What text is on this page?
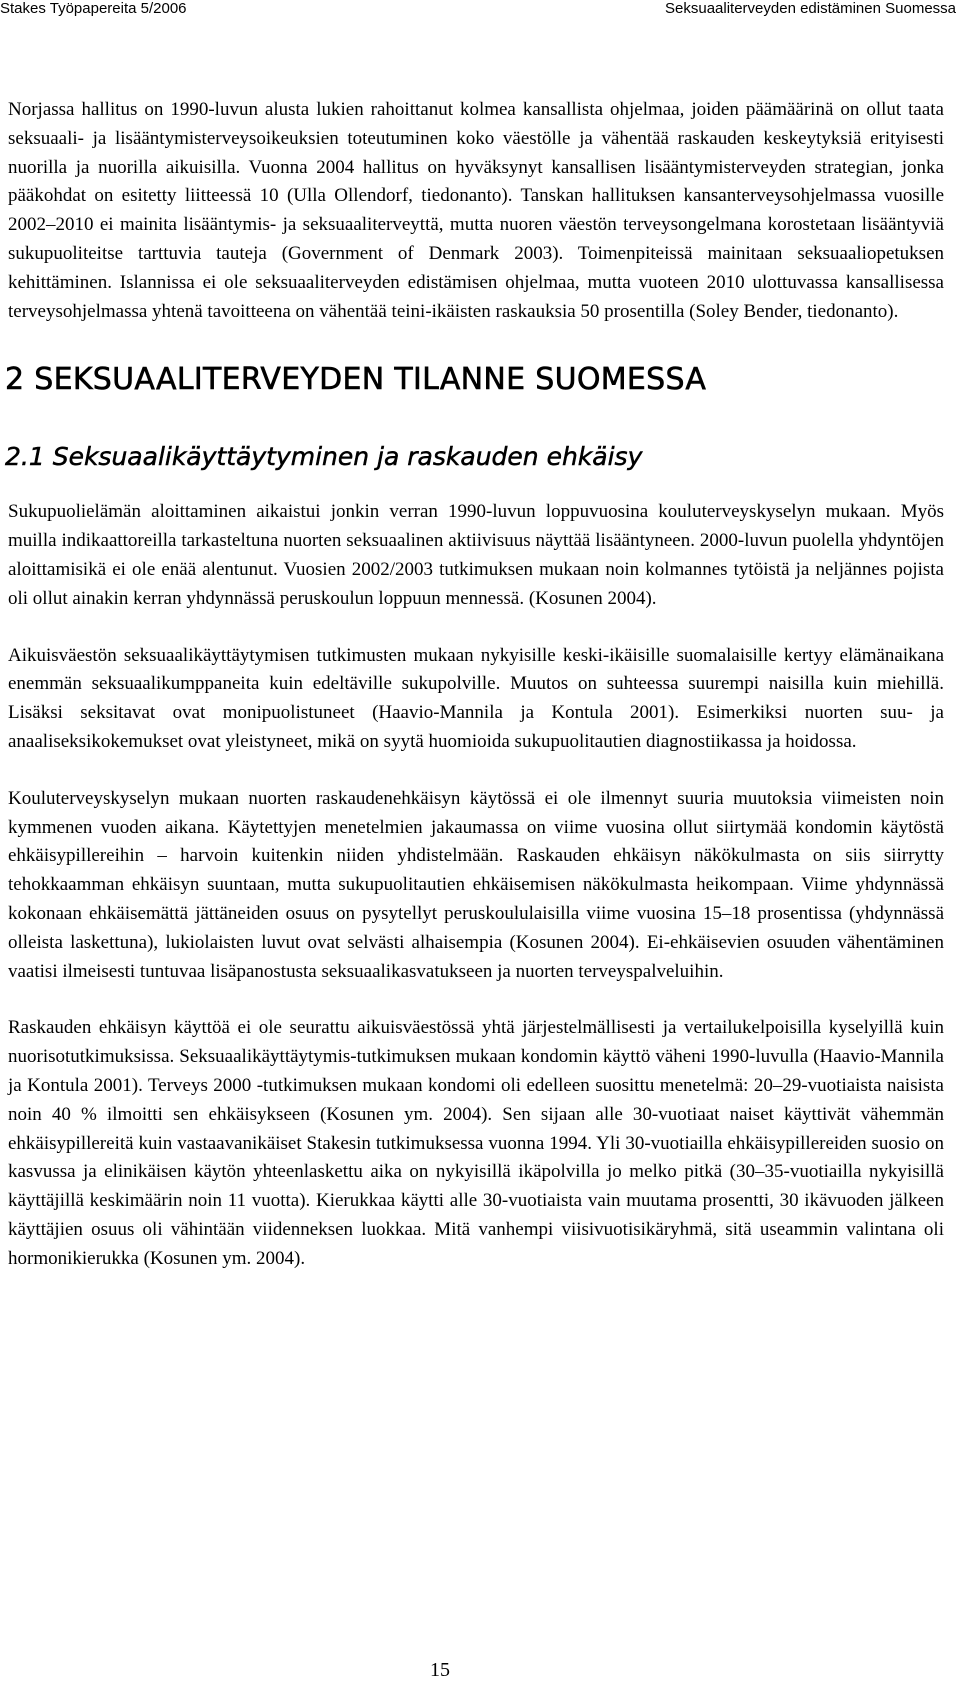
Stakes Työpapereita 5/2006	Seksuaaliterveyden edistäminen Suomessa

Norjassa hallitus on 1990-luvun alusta lukien rahoittanut kolmea kansallista ohjelmaa, joiden päämäärinä on ollut taata seksuaali- ja lisääntymisterveysoikeuksien toteutuminen koko väestölle ja vähentää raskauden keskeytyksiä erityisesti nuorilla ja nuorilla aikuisilla. Vuonna 2004 hallitus on hyväksynyt kansallisen lisääntymisterveyden strategian, jonka pääkohdat on esitetty liitteessä 10 (Ulla Ollendorf, tiedonanto). Tanskan hallituksen kansanterveysohjelmassa vuosille 2002–2010 ei mainita lisääntymis- ja seksuaaliterveyttä, mutta nuoren väestön terveysongelmana korostetaan lisääntyviä sukupuoliteitse tarttuvia tauteja (Government of Denmark 2003). Toimenpiteissä mainitaan seksuaaliopetuksen kehittäminen. Islannissa ei ole seksuaaliterveyden edistämisen ohjelmaa, mutta vuoteen 2010 ulottuvassa kansallisessa terveysohjelmassa yhtenä tavoitteena on vähentää teini-ikäisten raskauksia 50 prosentilla (Soley Bender, tiedonanto).

2 SEKSUAALITERVEYDEN TILANNE SUOMESSA
2.1 Seksuaalikäyttäytyminen ja raskauden ehkäisy

Sukupuolielämän aloittaminen aikaistui jonkin verran 1990-luvun loppuvuosina kouluterveyskyselyn mukaan. Myös muilla indikaattoreilla tarkasteltuna nuorten seksuaalinen aktiivisuus näyttää lisääntyneen. 2000-luvun puolella yhdyntöjen aloittamisikä ei ole enää alentunut. Vuosien 2002/2003 tutkimuksen mukaan noin kolmannes tytöistä ja neljännes pojista oli ollut ainakin kerran yhdynnässä peruskoulun loppuun mennessä. (Kosunen 2004).

Aikuisväestön seksuaalikäyttäytymisen tutkimusten mukaan nykyisille keski-ikäisille suomalaisille kertyy elämänaikana enemmän seksuaalikumppaneita kuin edeltäville sukupolville. Muutos on suhteessa suurempi naisilla kuin miehillä. Lisäksi seksitavat ovat monipuolistuneet (Haavio-Mannila ja Kontula 2001). Esimerkiksi nuorten suu- ja anaaliseksikokemukset ovat yleistyneet, mikä on syytä huomioida sukupuolitautien diagnostiikassa ja hoidossa.

Kouluterveyskyselyn mukaan nuorten raskaudenehkäisyn käytössä ei ole ilmennyt suuria muutoksia viimeisten noin kymmenen vuoden aikana. Käytettyjen menetelmien jakaumassa on viime vuosina ollut siirtymää kondomin käytöstä ehkäisypillereihin – harvoin kuitenkin niiden yhdistelmään. Raskauden ehkäisyn näkökulmasta on siis siirrytty tehokkaamman ehkäisyn suuntaan, mutta sukupuolitautien ehkäisemisen näkökulmasta heikompaan. Viime yhdynnässä kokonaan ehkäisemättä jättäneiden osuus on pysytellyt peruskoululaisilla viime vuosina 15–18 prosentissa (yhdynnässä olleista laskettuna), lukiolaisten luvut ovat selvästi alhaisempia (Kosunen 2004). Ei-ehkäisevien osuuden vähentäminen vaatisi ilmeisesti tuntuvaa lisäpanostusta seksuaalikasvatukseen ja nuorten terveyspalveluihin.

Raskauden ehkäisyn käyttöä ei ole seurattu aikuisväestössä yhtä järjestelmällisesti ja vertailukelpoisilla kyselyillä kuin nuorisotutkimuksissa. Seksuaalikäyttäytymis-tutkimuksen mukaan kondomin käyttö väheni 1990-luvulla (Haavio-Mannila ja Kontula 2001). Terveys 2000 -tutkimuksen mukaan kondomi oli edelleen suosittu menetelmä: 20–29-vuotiaista naisista noin 40 % ilmoitti sen ehkäisykseen (Kosunen ym. 2004). Sen sijaan alle 30-vuotiaat naiset käyttivät vähemmän ehkäisypillereitä kuin vastaavanikäiset Stakesin tutkimuksessa vuonna 1994. Yli 30-vuotiailla ehkäisypillereiden suosio on kasvussa ja elinikäisen käytön yhteenlaskettu aika on nykyisillä ikäpolvilla jo melko pitkä (30–35-vuotiailla nykyisillä käyttäjillä keskimäärin noin 11 vuotta). Kierukkaa käytti alle 30-vuotiaista vain muutama prosentti, 30 ikävuoden jälkeen käyttäjien osuus oli vähintään viidenneksen luokkaa. Mitä vanhempi viisivuotisikäryhmä, sitä useammin valintana oli hormonikierukka (Kosunen ym. 2004).

15
